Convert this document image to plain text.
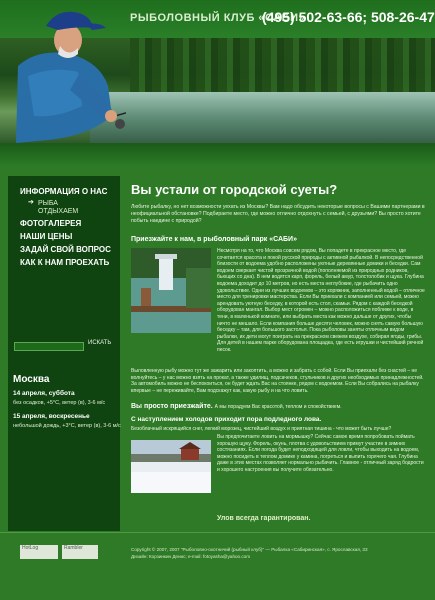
РЫБОЛОВНЫЙ КЛУБ «САБИ»
(495) 502-63-66; 508-26-47
ИНФОРМАЦИЯ О НАС
➔ РЫБА
ОТДЫХАЕМ
ФОТОГАЛЕРЕЯ
НАШИ ЦЕНЫ
ЗАДАЙ СВОЙ ВОПРОС
КАК К НАМ ПРОЕХАТЬ
ИСКАТЬ
Москва
14 апреля, суббота
без осадков, +5°С, ветер (в), 3-6 м/с
15 апреля, воскресенье
небольшой дождь, +3°С, ветер (в), 3-6 м/с
Вы устали от городской суеты?

Любите рыбалку, но нет возможности уехать из Москвы? Вам надо обсудить некоторые вопросы с Вашими партнерами в неофициальной обстановке? Подбираете место, где можно отлично отдохнуть с семьей, с друзьями? Вы просто хотите побыть наедине с природой?

Приезжайте к нам, в рыболовный парк «САБИ»

Несмотря на то, что Москва совсем рядом, Вы попадете в прекрасное место, где сочетается красота и покой русской природы с активной рыбалкой. В непосредственной близости от водоема удобно расположены уютные деревянные домики и беседки. Сам водоем сверкает чистой прозрачной водой (пополняемой из природных родников, бьющих со дна). В нем водятся карп, форель, белый амур, толстолобик и щука. Глубина водоема доходит до 10 метров, но есть места неглубокие, где рыбачить одно удовольствие. Одни из лучших водоемов – это коряжник, заполненный водой – отличное место для тренировки мастерства. Если Вы приехали с компанией или семьей, можно арендовать уютную беседку, в которой есть стол, скамьи. Рядом с каждой беседкой оборудован мангал. Выбор мест огромен – можно расположиться поближе к воде, в тени, в маленькой комнате, или выбрать места как можно дальше от других, чтобы ничто не мешало. Если компания больше десяти человек, можно снять самую большую беседку – там, для большого застолья. Пока рыболовы заняты отличным видом рыбалки, их дети могут поиграть на прекрасном свежем воздухе, собирая ягоды, грибы. Для детей в нашем парке оборудована площадка, где есть игрушки и чистейший речной песок.

Выловленную рыбу можно тут же зажарить или закоптить, а можно и забрать с собой. Если Вы приехали без снастей – не волнуйтесь – у нас можно взять на прокат, а также удилищ, подсачеков, стульчиков и других необходимых принадлежностей. За автомобиль можно не беспокоиться, он будет ждать Вас на стоянке, рядом с водоемом. Если Вы собрались на рыбалку впервые – не переживайте, Вам подскажут как, какую рыбу и на что ловить.

Вы просто приезжайте. А мы порадуем Вас красотой, теплом и спокойствием.
С наступлением холодов приходит пора подледного лова.

Безоблачный искрящийся снег, легкий морозец, чистейший воздух и приятная тишина - что может быть лучше?

Вы предпочитаете ловить на мормышку? Сейчас самое время попробовать поймать хорошую щуку. Форель, окунь, плотва с удовольствием примут участие в зимних состязаниях. Если погода будет неподходящей для ловли, чтобы выходить на водоем, можно посидеть в теплом домике у камина, погреться и выпить горячего чая. Глубина даже в этих местах позволяет нормально рыбачить. Главное - отличный заряд бодрости и хорошего настроения вы получите обязательно.

Улов всегда гарантирован.
HotLog	Rambler	Copyright © 2007, 2007 "Рыболовно-охотничий (рыбный клуб)" — Рыбалка «Сабиринская», с. Ярославская, 33
Дизайн: Корзинкин Денис; e-mail: fotoyasha@yahoo.com
